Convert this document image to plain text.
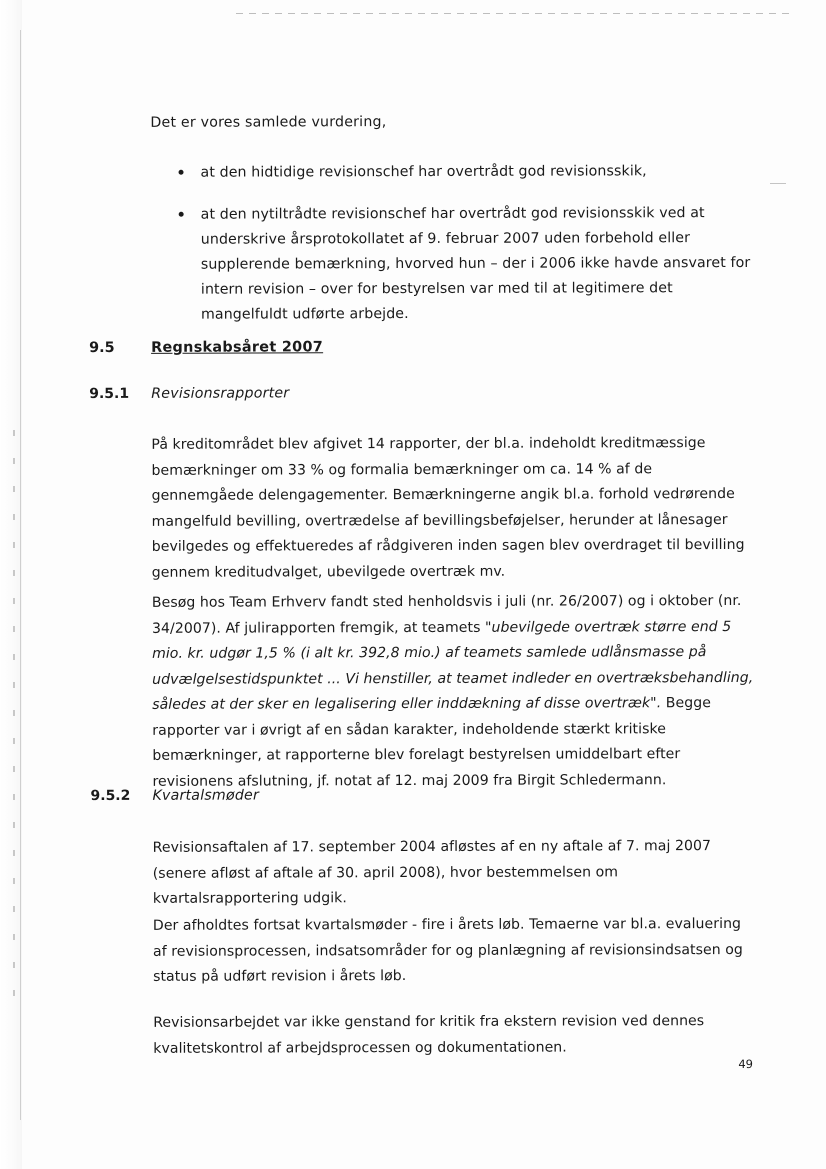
Det er vores samlede vurdering,
at den hidtidige revisionschef har overtrådt god revisionsskik,
at den nytiltrådte revisionschef har overtrådt god revisionsskik ved at underskrive årsprotokollatet af 9. februar 2007 uden forbehold eller supplerende bemærkning, hvorved hun – der i 2006 ikke havde ansvaret for intern revision – over for bestyrelsen var med til at legitimere det mangelfuldt udførte arbejde.
9.5	Regnskabsåret 2007
9.5.1 Revisionsrapporter
På kreditområdet blev afgivet 14 rapporter, der bl.a. indeholdt kreditmæssige bemærkninger om 33 % og formalia bemærkninger om ca. 14 % af de gennemgåede delengagementer. Bemærkningerne angik bl.a. forhold vedrørende mangelfuld bevilling, overtrædelse af bevillingsbeføjelser, herunder at lånesager bevilgedes og effektueredes af rådgiveren inden sagen blev overdraget til bevilling gennem kreditudvalget, ubevilgede overtræk mv.
Besøg hos Team Erhverv fandt sted henholdsvis i juli (nr. 26/2007) og i oktober (nr. 34/2007). Af julirapporten fremgik, at teamets "ubevilgede overtræk større end 5 mio. kr. udgør 1,5 % (i alt kr. 392,8 mio.) af teamets samlede udlånsmasse på udvælgelsestidspunktet ... Vi henstiller, at teamet indleder en overtræksbehandling, således at der sker en legalisering eller inddækning af disse overtræk". Begge rapporter var i øvrigt af en sådan karakter, indeholdende stærkt kritiske bemærkninger, at rapporterne blev forelagt bestyrelsen umiddelbart efter revisionens afslutning, jf. notat af 12. maj 2009 fra Birgit Schledermann.
9.5.2 Kvartalsmøder
Revisionsaftalen af 17. september 2004 afløstes af en ny aftale af 7. maj 2007 (senere afløst af aftale af 30. april 2008), hvor bestemmelsen om kvartalsrapportering udgik.
Der afholdtes fortsat kvartalsmøder - fire i årets løb. Temaerne var bl.a. evaluering af revisionsprocessen, indsatsområder for og planlægning af revisionsindsatsen og status på udført revision i årets løb.
Revisionsarbejdet var ikke genstand for kritik fra ekstern revision ved dennes kvalitetskontrol af arbejdsprocessen og dokumentationen.
49
